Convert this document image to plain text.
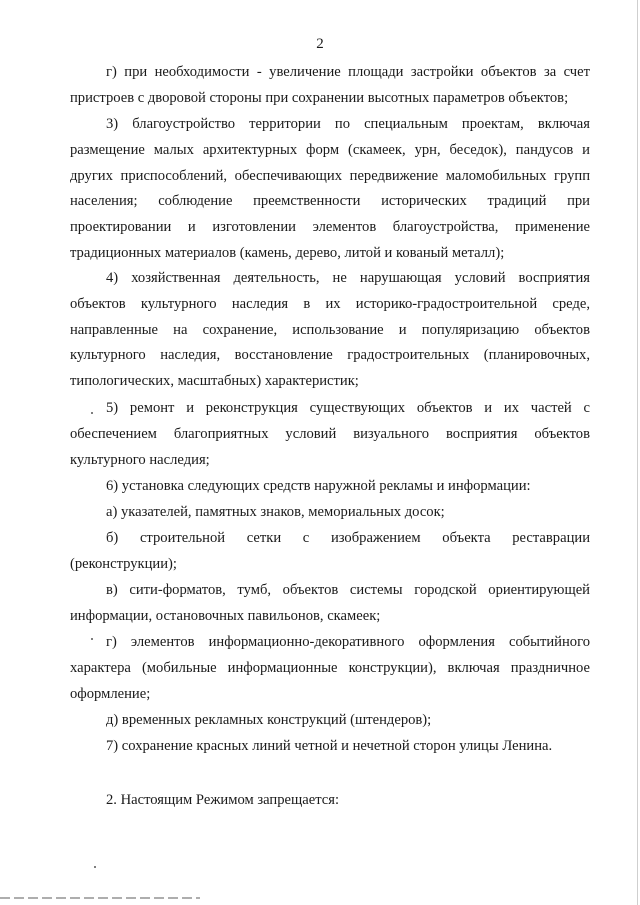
2

г) при необходимости - увеличение площади застройки объектов за счет пристроев с дворовой стороны при сохранении высотных параметров объектов;

3) благоустройство территории по специальным проектам, включая размещение малых архитектурных форм (скамеек, урн, беседок), пандусов и других приспособлений, обеспечивающих передвижение маломобильных групп населения; соблюдение преемственности исторических традиций при проектировании и изготовлении элементов благоустройства, применение традиционных материалов (камень, дерево, литой и кованый металл);

4) хозяйственная деятельность, не нарушающая условий восприятия объектов культурного наследия в их историко-градостроительной среде, направленные на сохранение, использование и популяризацию объектов культурного наследия, восстановление градостроительных (планировочных, типологических, масштабных) характеристик;

5) ремонт и реконструкция существующих объектов и их частей с обеспечением благоприятных условий визуального восприятия объектов культурного наследия;

6) установка следующих средств наружной рекламы и информации:

а) указателей, памятных знаков, мемориальных досок;

б) строительной сетки с изображением объекта реставрации (реконструкции);

в) сити-форматов, тумб, объектов системы городской ориентирующей информации, остановочных павильонов, скамеек;

г) элементов информационно-декоративного оформления событийного характера (мобильные информационные конструкции), включая праздничное оформление;

д) временных рекламных конструкций (штендеров);

7) сохранение красных линий четной и нечетной сторон улицы Ленина.

2. Настоящим Режимом запрещается:
